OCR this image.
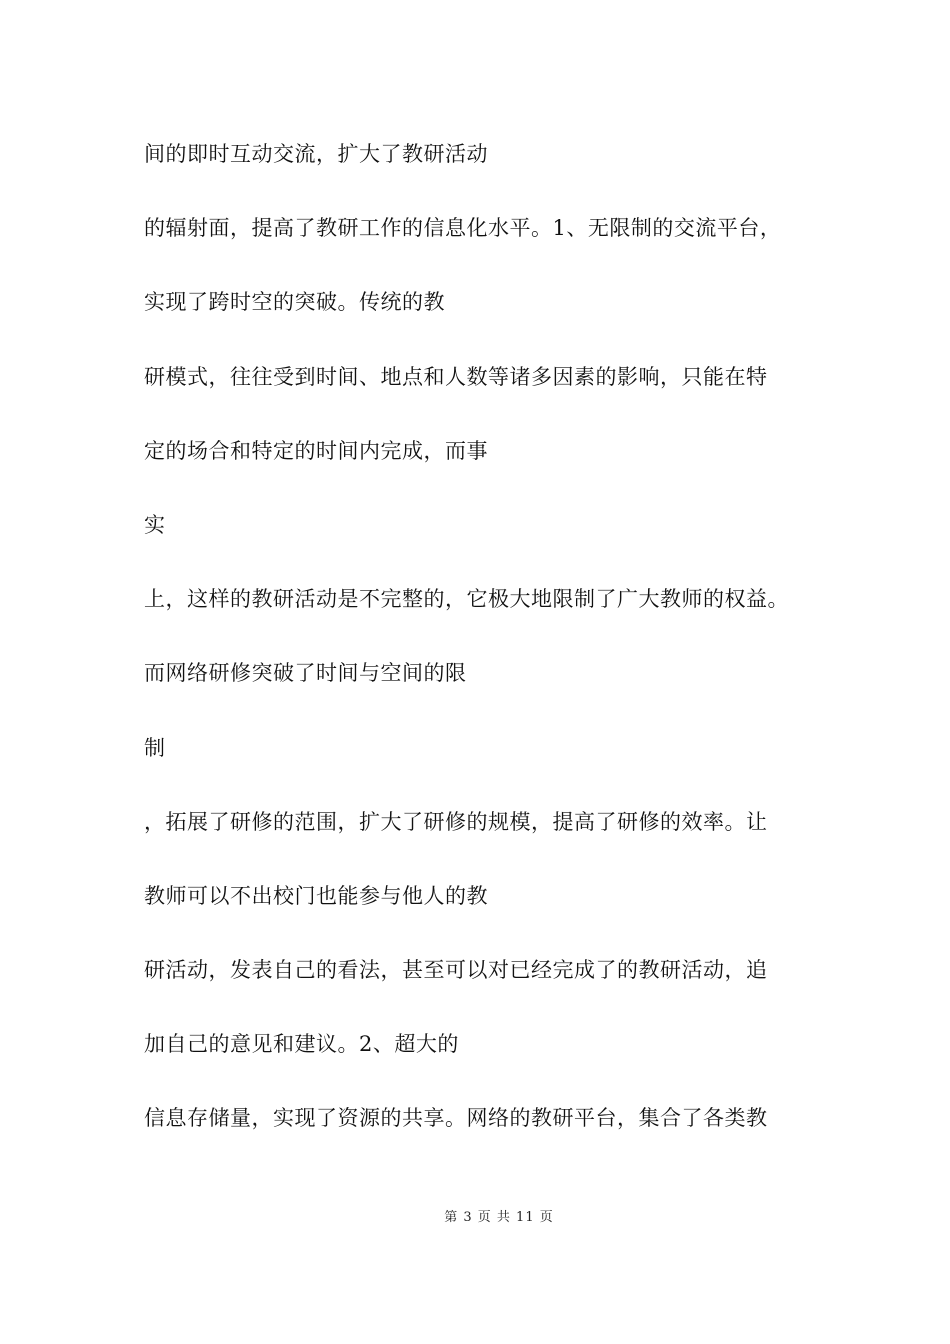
间的即时互动交流，扩大了教研活动
的辐射面，提高了教研工作的信息化水平。1、无限制的交流平台，
实现了跨时空的突破。传统的教
研模式，往往受到时间、地点和人数等诸多因素的影响，只能在特
定的场合和特定的时间内完成，而事
实
上，这样的教研活动是不完整的，它极大地限制了广大教师的权益。
而网络研修突破了时间与空间的限
制
，拓展了研修的范围，扩大了研修的规模，提高了研修的效率。让
教师可以不出校门也能参与他人的教
研活动，发表自己的看法，甚至可以对已经完成了的教研活动，追
加自己的意见和建议。2、超大的
信息存储量，实现了资源的共享。网络的教研平台，集合了各类教
第 3 页 共 11 页
